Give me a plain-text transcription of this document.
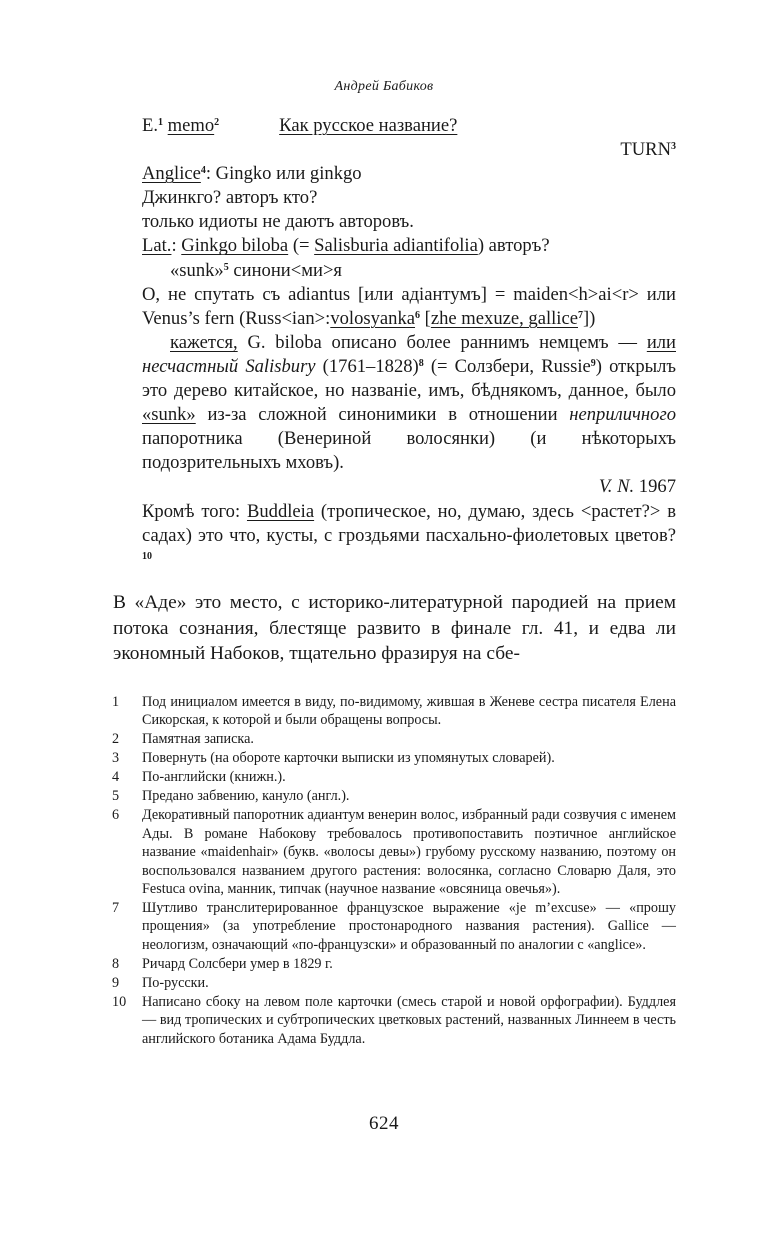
Андрей Бабиков

E.$^1$ memo$^2$	Как русское название?

TURN$^3$

Anglice$^4$: Gingko или ginkgo

Джинкго? авторъ кто?

только идиоты не даютъ авторовъ.

Lat.: Ginkgo biloba (= Salisburia adiantifolia) авторъ?

«sunk»$^5$ синони<ми>я

О, не спутать съ adiantus [или адiантумъ] = maiden<h>ai<r> или Venus’s fern (Russ<ian>:volosyanka$^6$ [zhe mexuze, gallice$^7$])

кажется, G. biloba описано более раннимъ немцемъ — или несчастный Salisbury (1761–1828)$^8$ (= Солзбери, Russie$^9$) открылъ это дерево китайское, но названiе, имъ, бѣднякомъ, данное, было «sunk» из-за сложной синонимики в отношении неприличного папоротника (Венериной волосянки) (и нѣкоторыхъ подозрительныхъ мховъ).

V. N. 1967

Кромѣ того: Buddleia (тропическое, но, думаю, здесь <растет?> в садах) это что, кусты, с гроздьями пасхально-фиолетовых цветов?$^{10}$

В «Аде» это место, с историко-литературной пародией на прием потока сознания, блестяще развито в финале гл. 41, и едва ли экономный Набоков, тщательно фразируя на сбе-

1	Под инициалом имеется в виду, по-видимому, жившая в Женеве сестра писателя Елена Сикорская, к которой и были обращены вопросы.
2	Памятная записка.
3	Повернуть (на обороте карточки выписки из упомянутых словарей).
4	По-английски (книжн.).
5	Предано забвению, кануло (англ.).
6	Декоративный папоротник адиантум венерин волос, избранный ради созвучия с именем Ады. В романе Набокову требовалось противопоставить поэтичное английское название «maidenhair» (букв. «волосы девы») грубому русскому названию, поэтому он воспользовался названием другого растения: волосянка, согласно Словарю Даля, это Festuca ovina, манник, типчак (научное название «овсяница овечья»).
7	Шутливо транслитерированное французское выражение «je m’excuse» — «прошу прощения» (за употребление простонародного названия растения). Gallice — неологизм, означающий «по-французски» и образованный по аналогии с «anglice».
8	Ричард Солсбери умер в 1829 г.
9	По-русски.
10	Написано сбоку на левом поле карточки (смесь старой и новой орфографии). Буддлея — вид тропических и субтропических цветковых растений, названных Линнеем в честь английского ботаника Адама Буддла.
624
